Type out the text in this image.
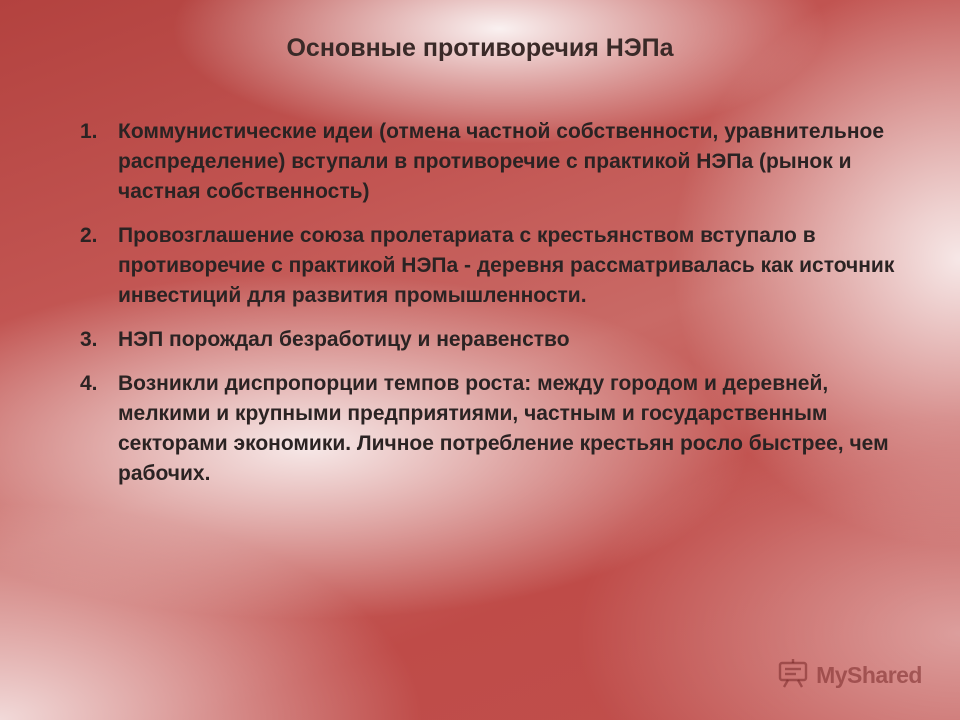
Основные противоречия НЭПа
1. Коммунистические идеи (отмена частной собственности, уравнительное распределение) вступали в противоречие с практикой НЭПа (рынок и частная собственность)
2. Провозглашение союза пролетариата с крестьянством вступало в противоречие с практикой НЭПа - деревня рассматривалась как источник инвестиций для развития промышленности.
3. НЭП порождал безработицу и неравенство
4. Возникли диспропорции темпов роста: между городом и деревней, мелкими и крупными предприятиями, частным и государственным секторами экономики. Личное потребление крестьян росло быстрее, чем рабочих.
MyShared
